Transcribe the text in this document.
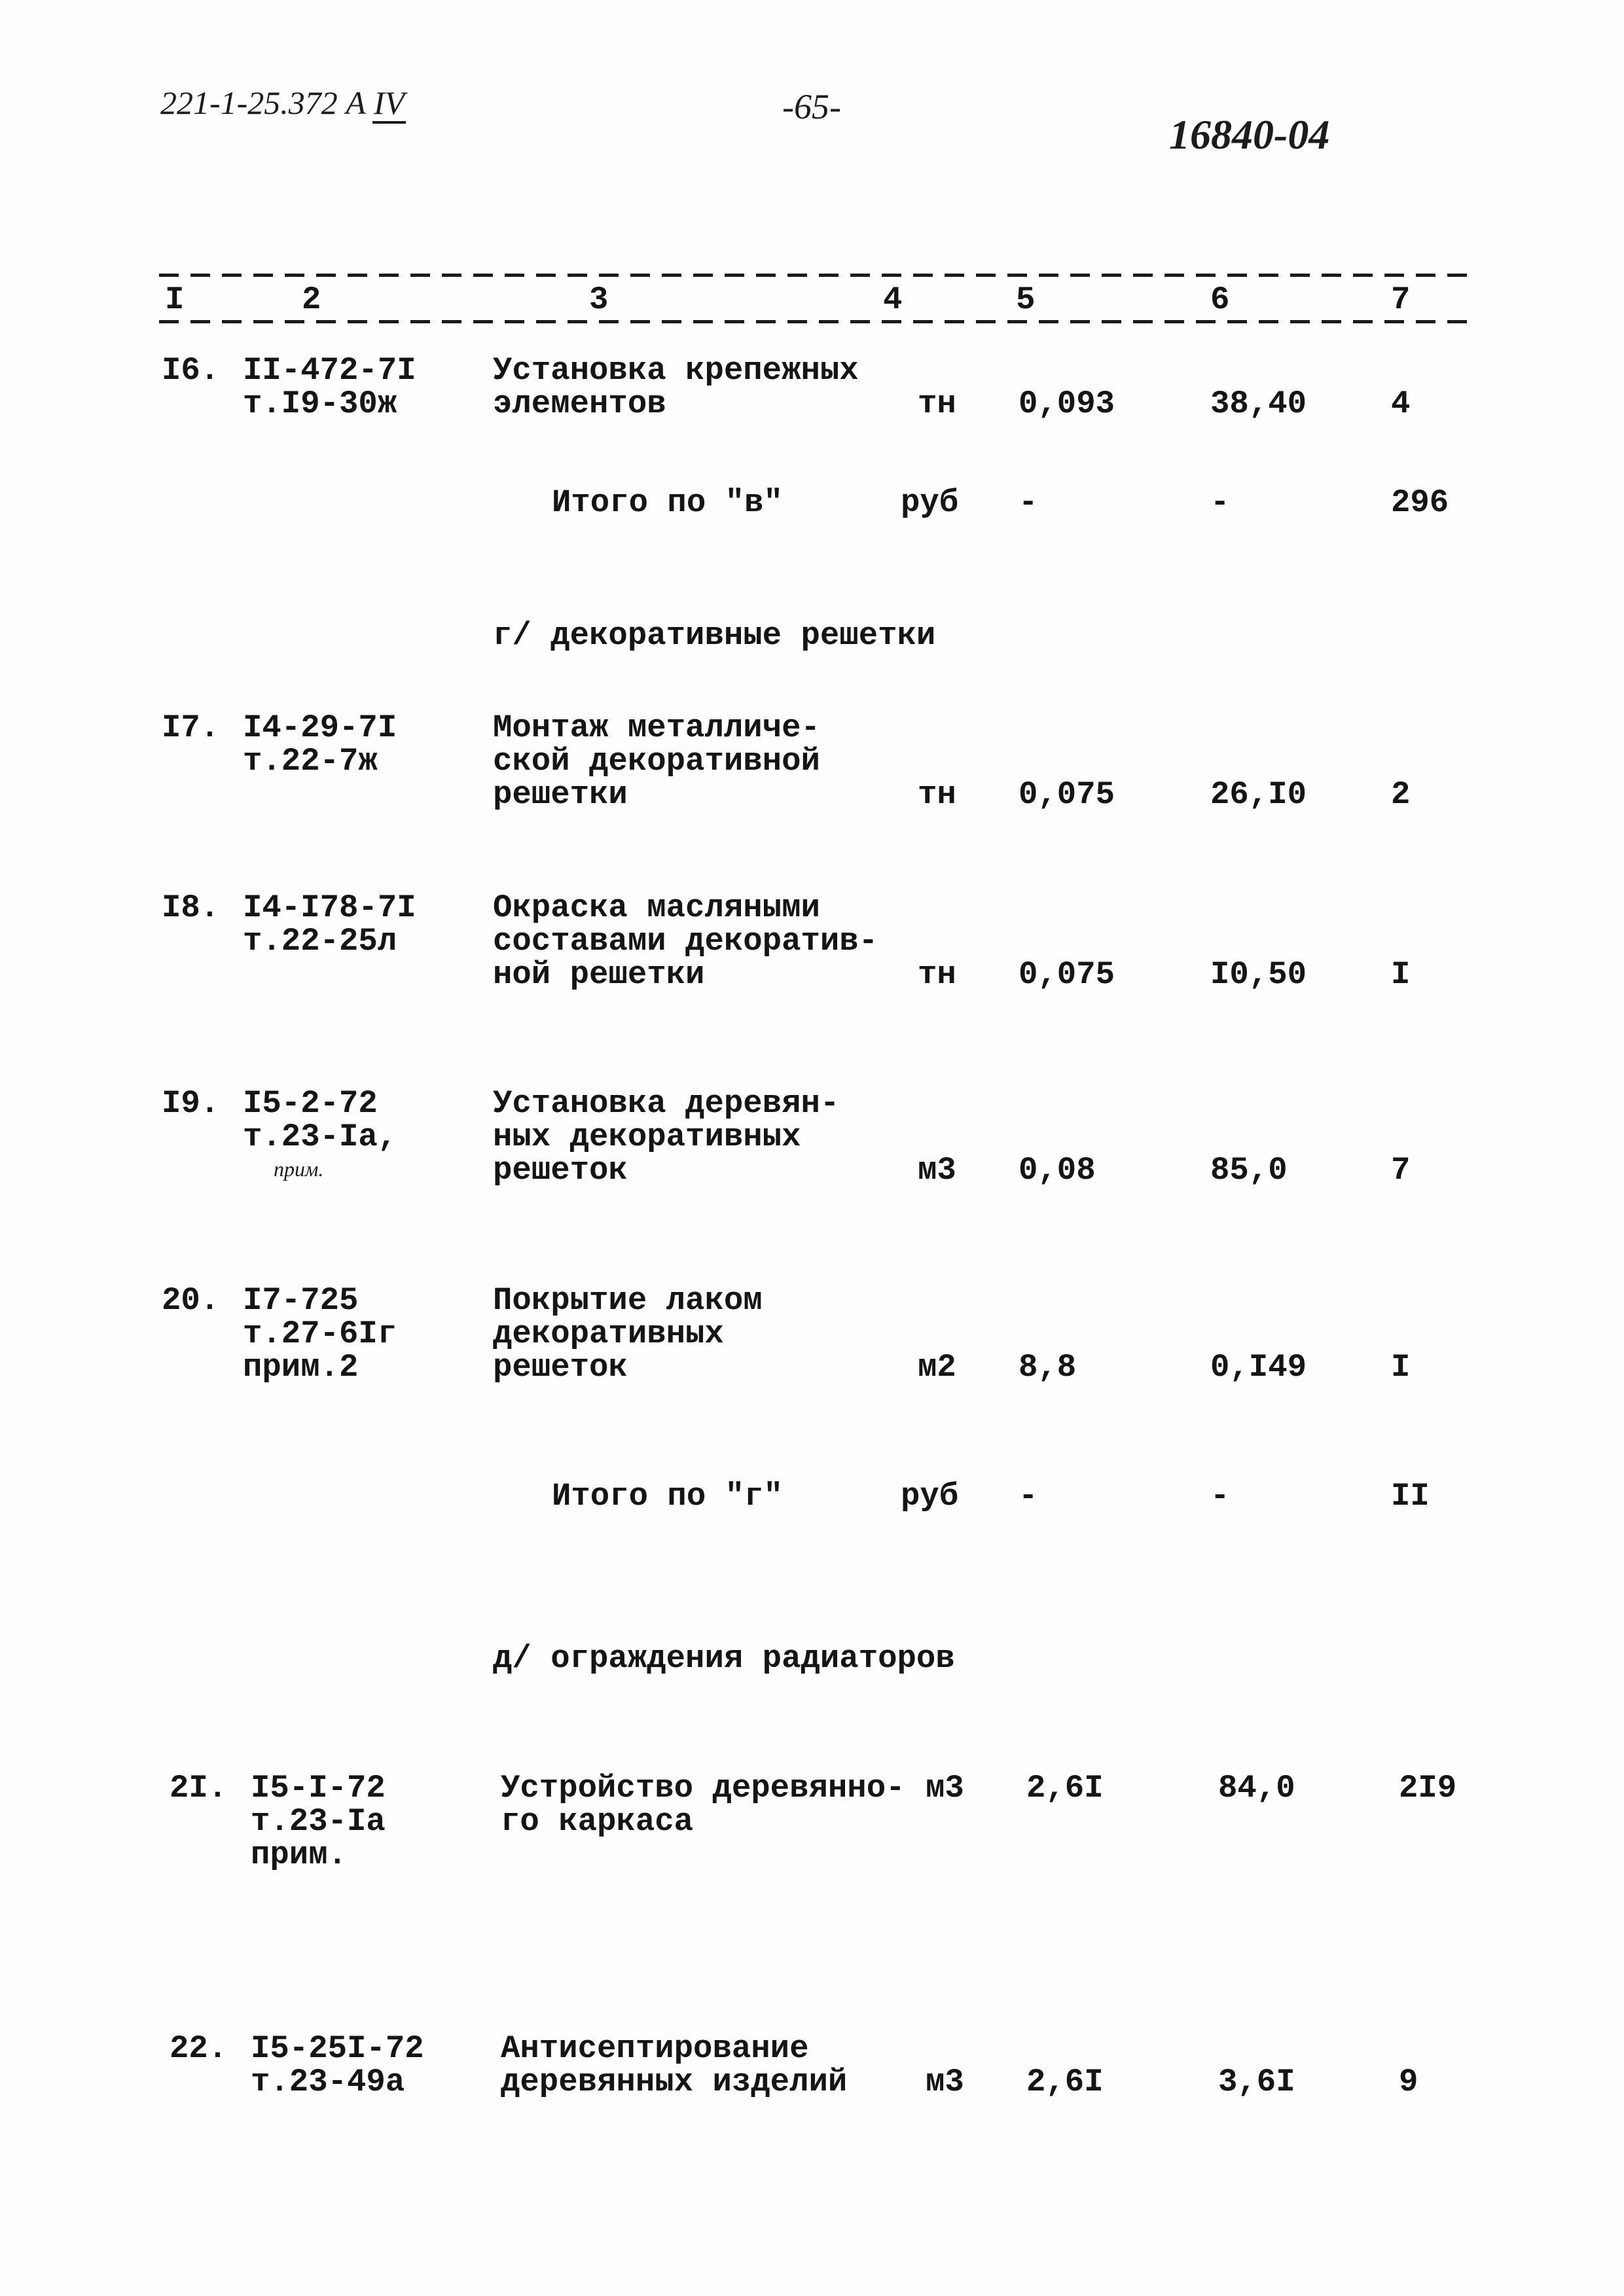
221-1-25.372 А IV	-65-
16840-04
I	2	3	4	5	6	7
I6. II-472-7I
т.I9-30ж
Установка крепежных
элементов	тн 0,093	38,40	4
Итого по "в"	руб -	-	296
г/ декоративные решетки
I7. I4-29-7I
т.22-7ж
Монтаж металличе-
ской декоративной
решетки	тн 0,075	26,I0	2
I8. I4-I78-7I
т.22-25л
Окраска масляными
составами декоратив-
ной решетки	тн 0,075	I0,50	I
I9. I5-2-72
т.23-Iа,
прим.
Установка деревян-
ных декоративных
решеток	м3 0,08	85,0	7
20. I7-725
т.27-6Iг
прим.2
Покрытие лаком
декоративных
решеток	м2 8,8	0,I49	I
Итого по "г"	руб -	-	II
д/ ограждения радиаторов
2I. I5-I-72
т.23-Iа
прим.
Устройство деревянно-
го каркаса
м3 2,6I	84,0	2I9
22. I5-25I-72
т.23-49а
Антисептирование
деревянных изделий м3 2,6I	3,6I	9
